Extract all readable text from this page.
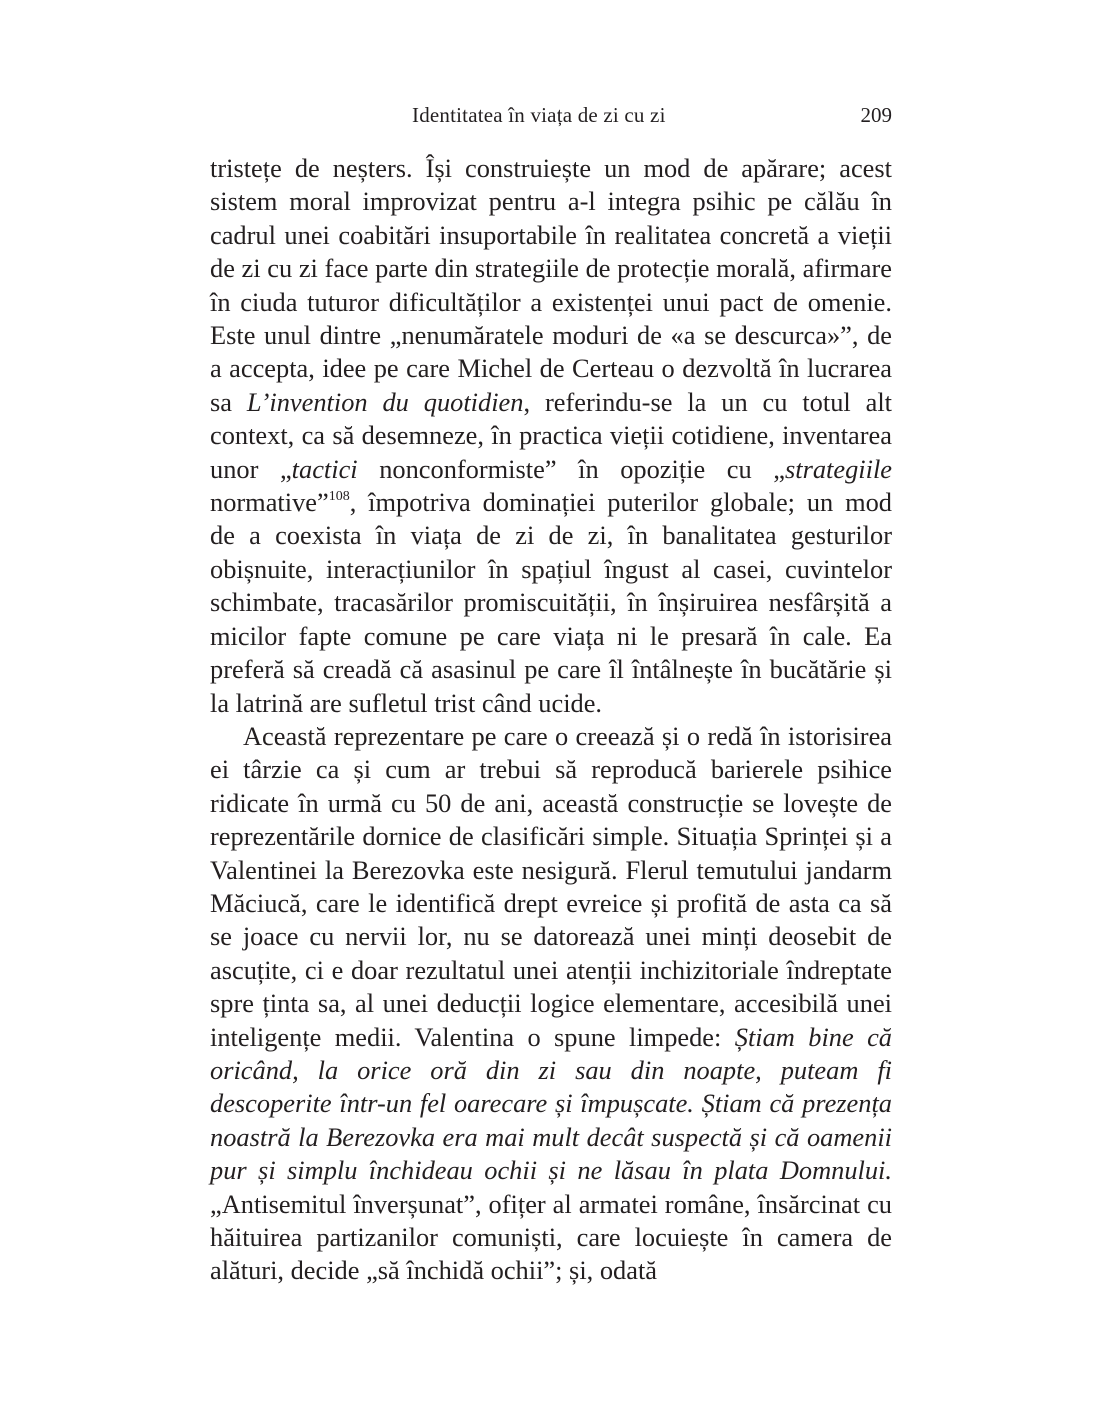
Identitatea în viața de zi cu zi	209

tristețe de neșters. Își construiește un mod de apărare; acest sistem moral improvizat pentru a-l integra psihic pe călău în cadrul unei coabitări insuportabile în realitatea concretă a vieții de zi cu zi face parte din strategiile de protecție morală, afirmare în ciuda tuturor dificultăților a existenței unui pact de omenie. Este unul dintre „nenumăratele moduri de «a se descurca»”, de a accepta, idee pe care Michel de Certeau o dezvoltă în lucrarea sa L’invention du quotidien, referindu-se la un cu totul alt context, ca să desemneze, în practica vieții cotidiene, inventarea unor „tactici nonconformiste” în opoziție cu „strategiile normative”$^{108}$, împotriva dominației puterilor globale; un mod de a coexista în viața de zi de zi, în banalitatea gesturilor obișnuite, interacțiunilor în spațiul îngust al casei, cuvintelor schimbate, tracasărilor promiscuității, în înșiruirea nesfârșită a micilor fapte comune pe care viața ni le presară în cale. Ea preferă să creadă că asasinul pe care îl întâlnește în bucătărie și la latrină are sufletul trist când ucide.

Această reprezentare pe care o creează și o redă în istorisirea ei târzie ca și cum ar trebui să reproducă barierele psihice ridicate în urmă cu 50 de ani, această construcție se lovește de reprezentările dornice de clasificări simple. Situația Sprinței și a Valentinei la Berezovka este nesigură. Flerul temutului jandarm Măciucă, care le identifică drept evreice și profită de asta ca să se joace cu nervii lor, nu se datorează unei minți deosebit de ascuțite, ci e doar rezultatul unei atenții inchizitoriale îndreptate spre ținta sa, al unei deducții logice elementare, accesibilă unei inteligențe medii. Valentina o spune limpede: Știam bine că oricând, la orice oră din zi sau din noapte, puteam fi descoperite într-un fel oarecare și împușcate. Știam că prezența noastră la Berezovka era mai mult decât suspectă și că oamenii pur și simplu închideau ochii și ne lăsau în plata Domnului. „Antisemitul înverșunat”, ofițer al armatei române, însărcinat cu hăituirea partizanilor comuniști, care locuiește în camera de alături, decide „să închidă ochii”; și, odată
